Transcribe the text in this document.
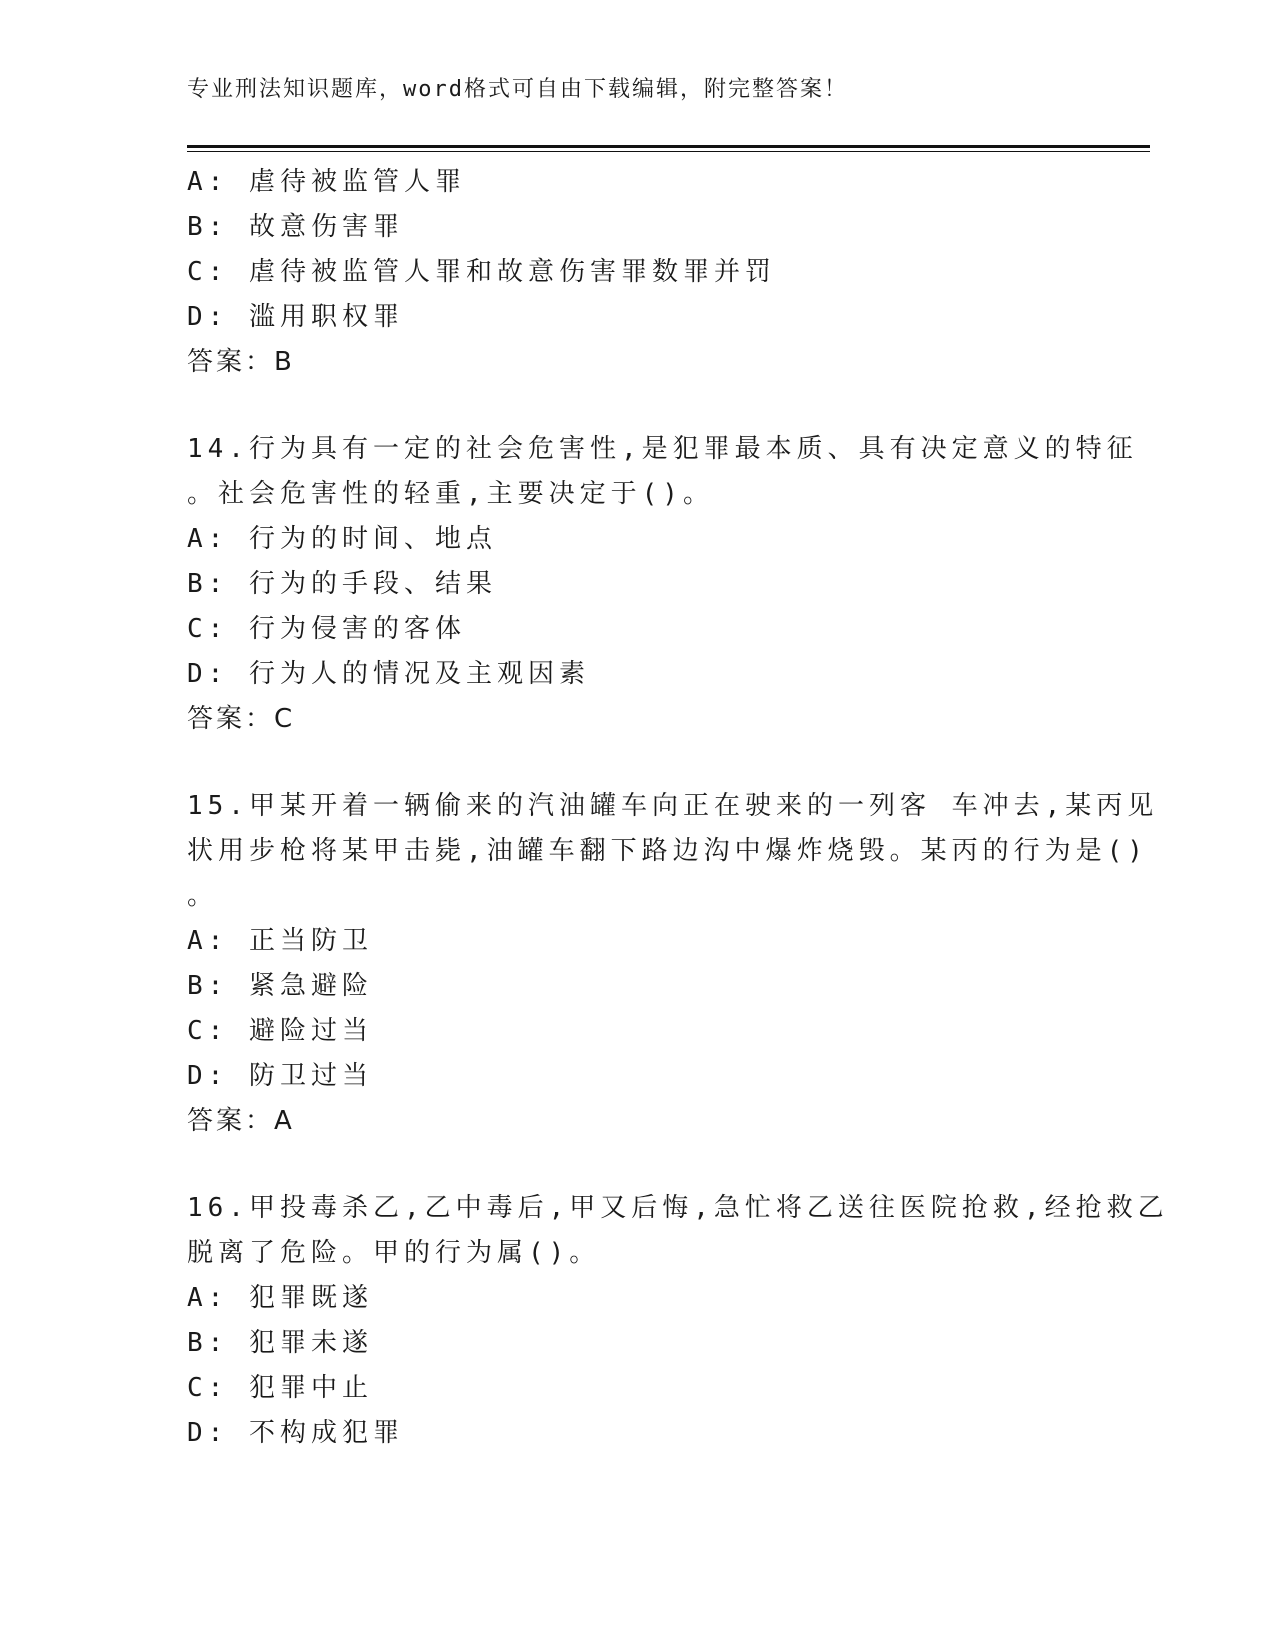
专业刑法知识题库，word格式可自由下载编辑，附完整答案！
A: 虐待被监管人罪
B: 故意伤害罪
C: 虐待被监管人罪和故意伤害罪数罪并罚
D: 滥用职权罪
答案：B
14.行为具有一定的社会危害性,是犯罪最本质、具有决定意义的特征
。社会危害性的轻重,主要决定于()。
A: 行为的时间、地点
B: 行为的手段、结果
C: 行为侵害的客体
D: 行为人的情况及主观因素
答案：C
15.甲某开着一辆偷来的汽油罐车向正在驶来的一列客 车冲去,某丙见
状用步枪将某甲击毙,油罐车翻下路边沟中爆炸烧毁。某丙的行为是()
。
A: 正当防卫
B: 紧急避险
C: 避险过当
D: 防卫过当
答案：A
16.甲投毒杀乙,乙中毒后,甲又后悔,急忙将乙送往医院抢救,经抢救乙
脱离了危险。甲的行为属()。
A: 犯罪既遂
B: 犯罪未遂
C: 犯罪中止
D: 不构成犯罪
